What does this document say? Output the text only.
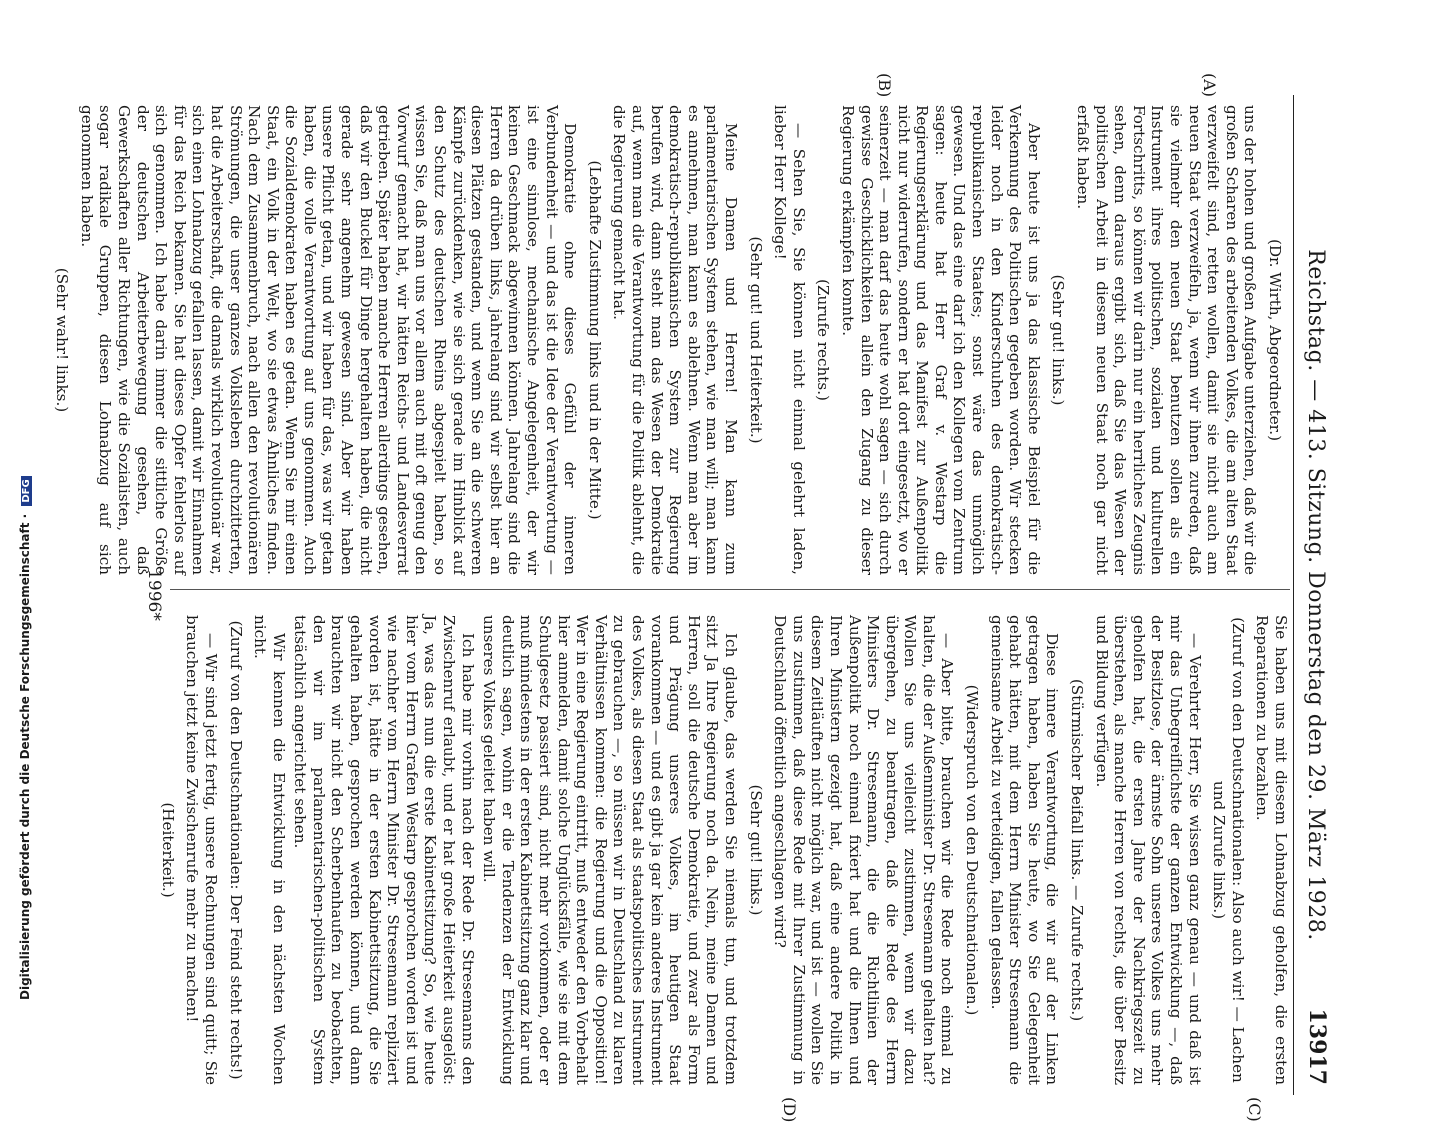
Digitalisierung gefördert durch die Deutsche Forschungsgemeinschaft · DFG	Reichstag. — 413. Sitzung. Donnerstag den 29. März 1928.
13917
(A)
(B)
(C)
(D)

(Dr. Wirth, Abgeordneter.)

uns der hohen und großen Aufgabe unterziehen, daß wir die großen Scharen des arbeitenden Volkes, die am alten Staat verzweifelt sind, retten wollen, damit sie nicht auch am neuen Staat verzweifeln, ja, wenn wir ihnen zureden, daß sie vielmehr den neuen Staat benutzen sollen als ein Instrument ihres politischen, sozialen und kulturellen Fortschritts, so können wir darin nur ein herrliches Zeugnis sehen, denn daraus ergibt sich, daß Sie das Wesen der politischen Arbeit in diesem neuen Staat noch gar nicht erfaßt haben.

(Sehr gut! links.)

Aber heute ist uns ja das klassische Beispiel für die Verkennung des Politischen gegeben worden. Wir stecken leider noch in den Kinderschuhen des demokratisch-republikanischen Staates; sonst wäre das unmöglich gewesen. Und das eine darf ich den Kollegen vom Zentrum sagen: heute hat Herr Graf v. Westarp die Regierungserklärung und das Manifest zur Außenpolitik nicht nur widerrufen, sondern er hat dort eingesetzt, wo er seinerzeit — man darf das heute wohl sagen — sich durch gewisse Geschicklichkeiten allein den Zugang zu dieser Regierung erkämpfen konnte.

(Zurufe rechts.)

— Sehen Sie, Sie können nicht einmal gelehrt laden, lieber Herr Kollege!

(Sehr gut! und Heiterkeit.)

Meine Damen und Herren! Man kann zum parlamentarischen System stehen, wie man will; man kann es annehmen, man kann es ablehnen. Wenn man aber im demokratisch-republikanischen System zur Regierung berufen wird, dann steht man das Wesen der Demokratie auf, wenn man die Verantwortung für die Politik ablehnt, die die Regierung gemacht hat.

(Lebhafte Zustimmung links und in der Mitte.)

Demokratie ohne dieses Gefühl der inneren Verbundenheit — und das ist die Idee der Verantwortung — ist eine sinnlose, mechanische Angelegenheit, der wir keinen Geschmack abgewinnen können. Jahrelang sind die Herren da drüben links, jahrelang sind wir selbst hier an diesen Plätzen gestanden, und wenn Sie an die schweren Kämpfe zurückdenken, wie sie sich gerade im Hinblick auf den Schutz des deutschen Rheins abgespielt haben, so wissen Sie, daß man uns vor allem auch mit oft genug den Vorwurf gemacht hat, wir hätten Reichs- und Landesverrat getrieben. Später haben manche Herren allerdings gesehen, daß wir den Buckel für Dinge hergehalten haben, die nicht gerade sehr angenehm gewesen sind. Aber wir haben unsere Pflicht getan, und wir haben für das, was wir getan haben, die volle Verantwortung auf uns genommen. Auch die Sozialdemokraten haben es getan. Wenn Sie mir einen Staat, ein Volk in der Welt, wo sie etwas Ähnliches finden. Nach dem Zusammenbruch, nach allen den revolutionären Strömungen, die unser ganzes Volksleben durchzitterten, hat die Arbeiterschaft, die damals wirklich revolutionär war, sich einen Lohnabzug gefallen lassen, damit wir Einnahmen für das Reich bekamen. Sie hat dieses Opfer fehlerlos auf sich genommen. Ich habe darin immer die sittliche Größe der deutschen Arbeiterbewegung gesehen, daß Gewerkschaften aller Richtungen, wie die Sozialisten, auch sogar radikale Gruppen, diesen Lohnabzug auf sich genommen haben.

(Sehr wahr! links.)

Sie haben uns mit diesem Lohnabzug geholfen, die ersten Reparationen zu bezahlen.

(Zuruf von den Deutschnationalen: Also auch wir! — Lachen und Zurufe links.)

— Verehrter Herr, Sie wissen ganz genau — und daß ist mir das Unbegreiflichste der ganzen Entwicklung —, daß der Besitzlose, der ärmste Sohn unseres Volkes uns mehr geholfen hat, die ersten Jahre der Nachkriegszeit zu überstehen, als manche Herren von rechts, die über Besitz und Bildung verfügen.

(Stürmischer Beifall links. — Zurufe rechts.)

Diese innere Verantwortung, die wir auf der Linken getragen haben, haben Sie heute, wo Sie Gelegenheit gehabt hätten, mit dem Herrn Minister Stresemann die gemeinsame Arbeit zu verteidigen, fallen gelassen.

(Widerspruch von den Deutschnationalen.)

— Aber bitte, brauchen wir die Rede noch einmal zu halten, die der Außenminister Dr. Stresemann gehalten hat? Wollen Sie uns vielleicht zustimmen, wenn wir dazu übergehen, zu beantragen, daß die Rede des Herrn Ministers Dr. Stresemann, die die Richtlinien der Außenpolitik noch einmal fixiert hat und die Ihnen und Ihren Ministern gezeigt hat, daß eine andere Politik in diesem Zeitläuften nicht möglich war, und ist — wollen Sie uns zustimmen, daß diese Rede mit Ihrer Zustimmung in Deutschland öffentlich angeschlagen wird?

(Sehr gut! links.)

Ich glaube, das werden Sie niemals tun, und trotzdem sitzt Ja Ihre Regierung noch da. Nein, meine Damen und Herren, soll die deutsche Demokratie, und zwar als Form und Prägung unseres Volkes, im heutigen Staat vorankommen — und es gibt ja gar kein anderes Instrument des Volkes, als diesen Staat als staatspolitisches Instrument zu gebrauchen —, so müssen wir in Deutschland zu klaren Verhältnissen kommen: die Regierung und die Opposition! Wer in eine Regierung eintritt, muß entweder den Vorbehalt hier anmelden, damit solche Unglücksfälle, wie sie mit dem Schulgesetz passiert sind, nicht mehr vorkommen, oder er muß mindestens in der ersten Kabinettsitzung ganz klar und deutlich sagen, wohin er die Tendenzen der Entwicklung unseres Volkes geleitet haben will.

Ich habe mir vorhin nach der Rede Dr. Stresemanns den Zwischenruf erlaubt, und er hat große Heiterkeit ausgelöst: Ja, was das nun die erste Kabinettsitzung? So, wie heute hier vom Herrn Grafen Westarp gesprochen worden ist und wie nachher vom Herrn Minister Dr. Stresemann repliziert worden ist, hätte in der ersten Kabinettsitzung, die Sie gehalten haben, gesprochen werden können, und dann brauchten wir nicht den Scherbenhaufen zu beobachten, den wir im parlamentarischen-politischen System tatsächlich angerichtet sehen.

Wir kennen die Entwicklung in den nächsten Wochen nicht.

(Zuruf von den Deutschnationalen: Der Feind steht rechts!)

— Wir sind jetzt fertig, unsere Rechnungen sind quitt; Sie brauchen jetzt keine Zwischenrufe mehr zu machen!

(Heiterkeit.)

1996*
